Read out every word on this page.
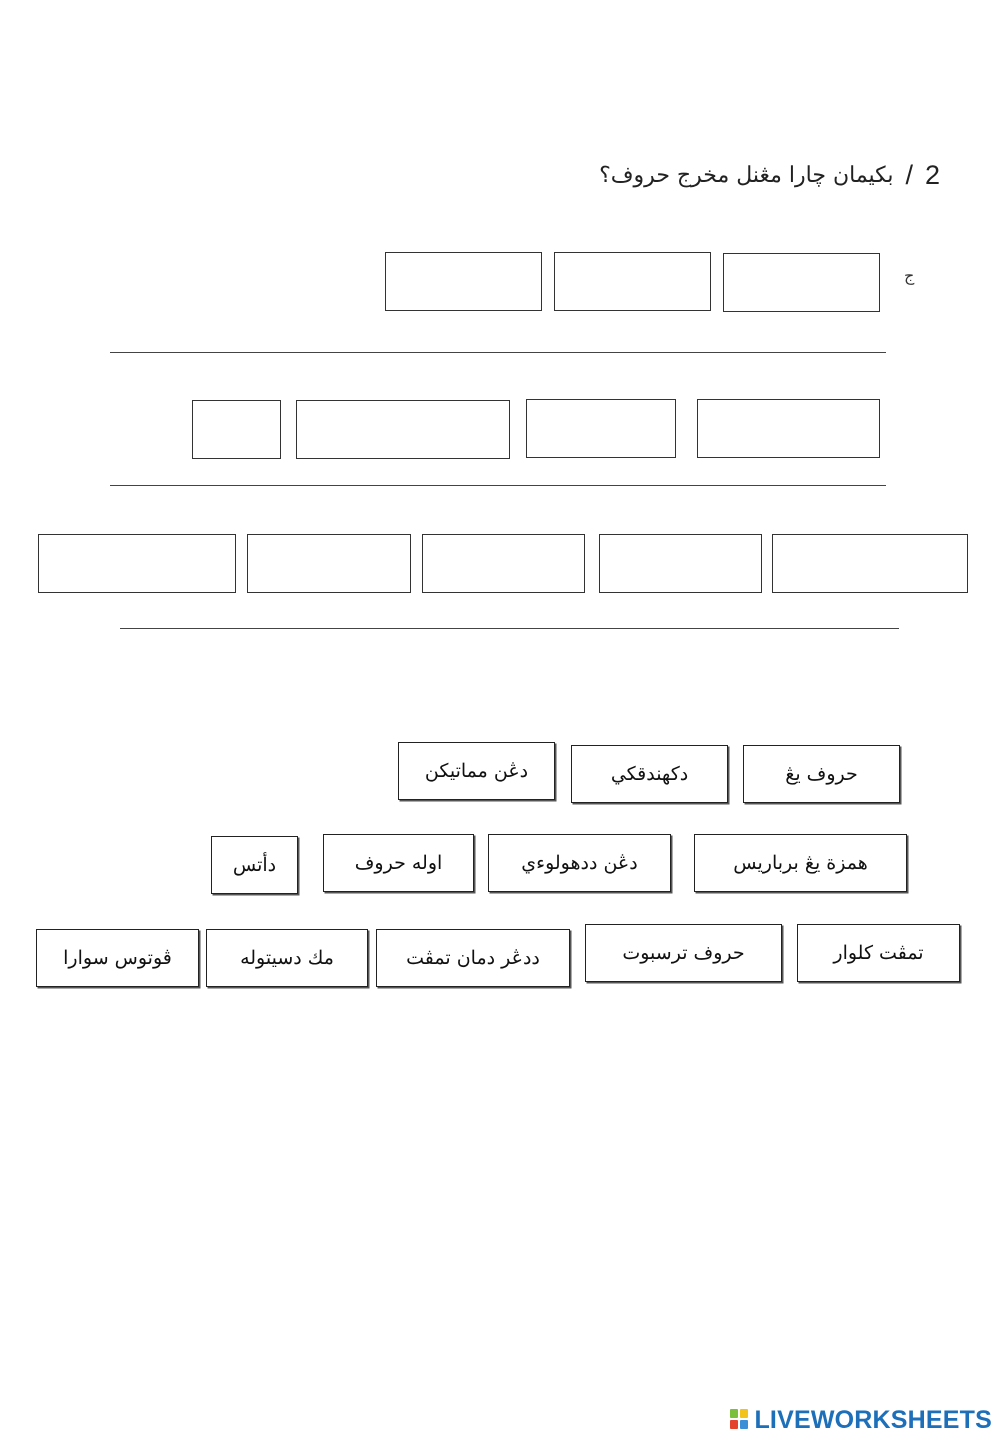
بكيمان چارا مڠنل مخرج حروف؟ / 2
ج
حروف يڠ
دكهندقكي
دڠن مماتيكن
همزة يڠ برباريس
دڠن ددهولوءي
اوله حروف
دأتس
تمڤت كلوار
حروف ترسبوت
ددڠر دمان تمڤت
مك دسيتوله
ڤوتوس سوارا
LIVEWORKSHEETS
